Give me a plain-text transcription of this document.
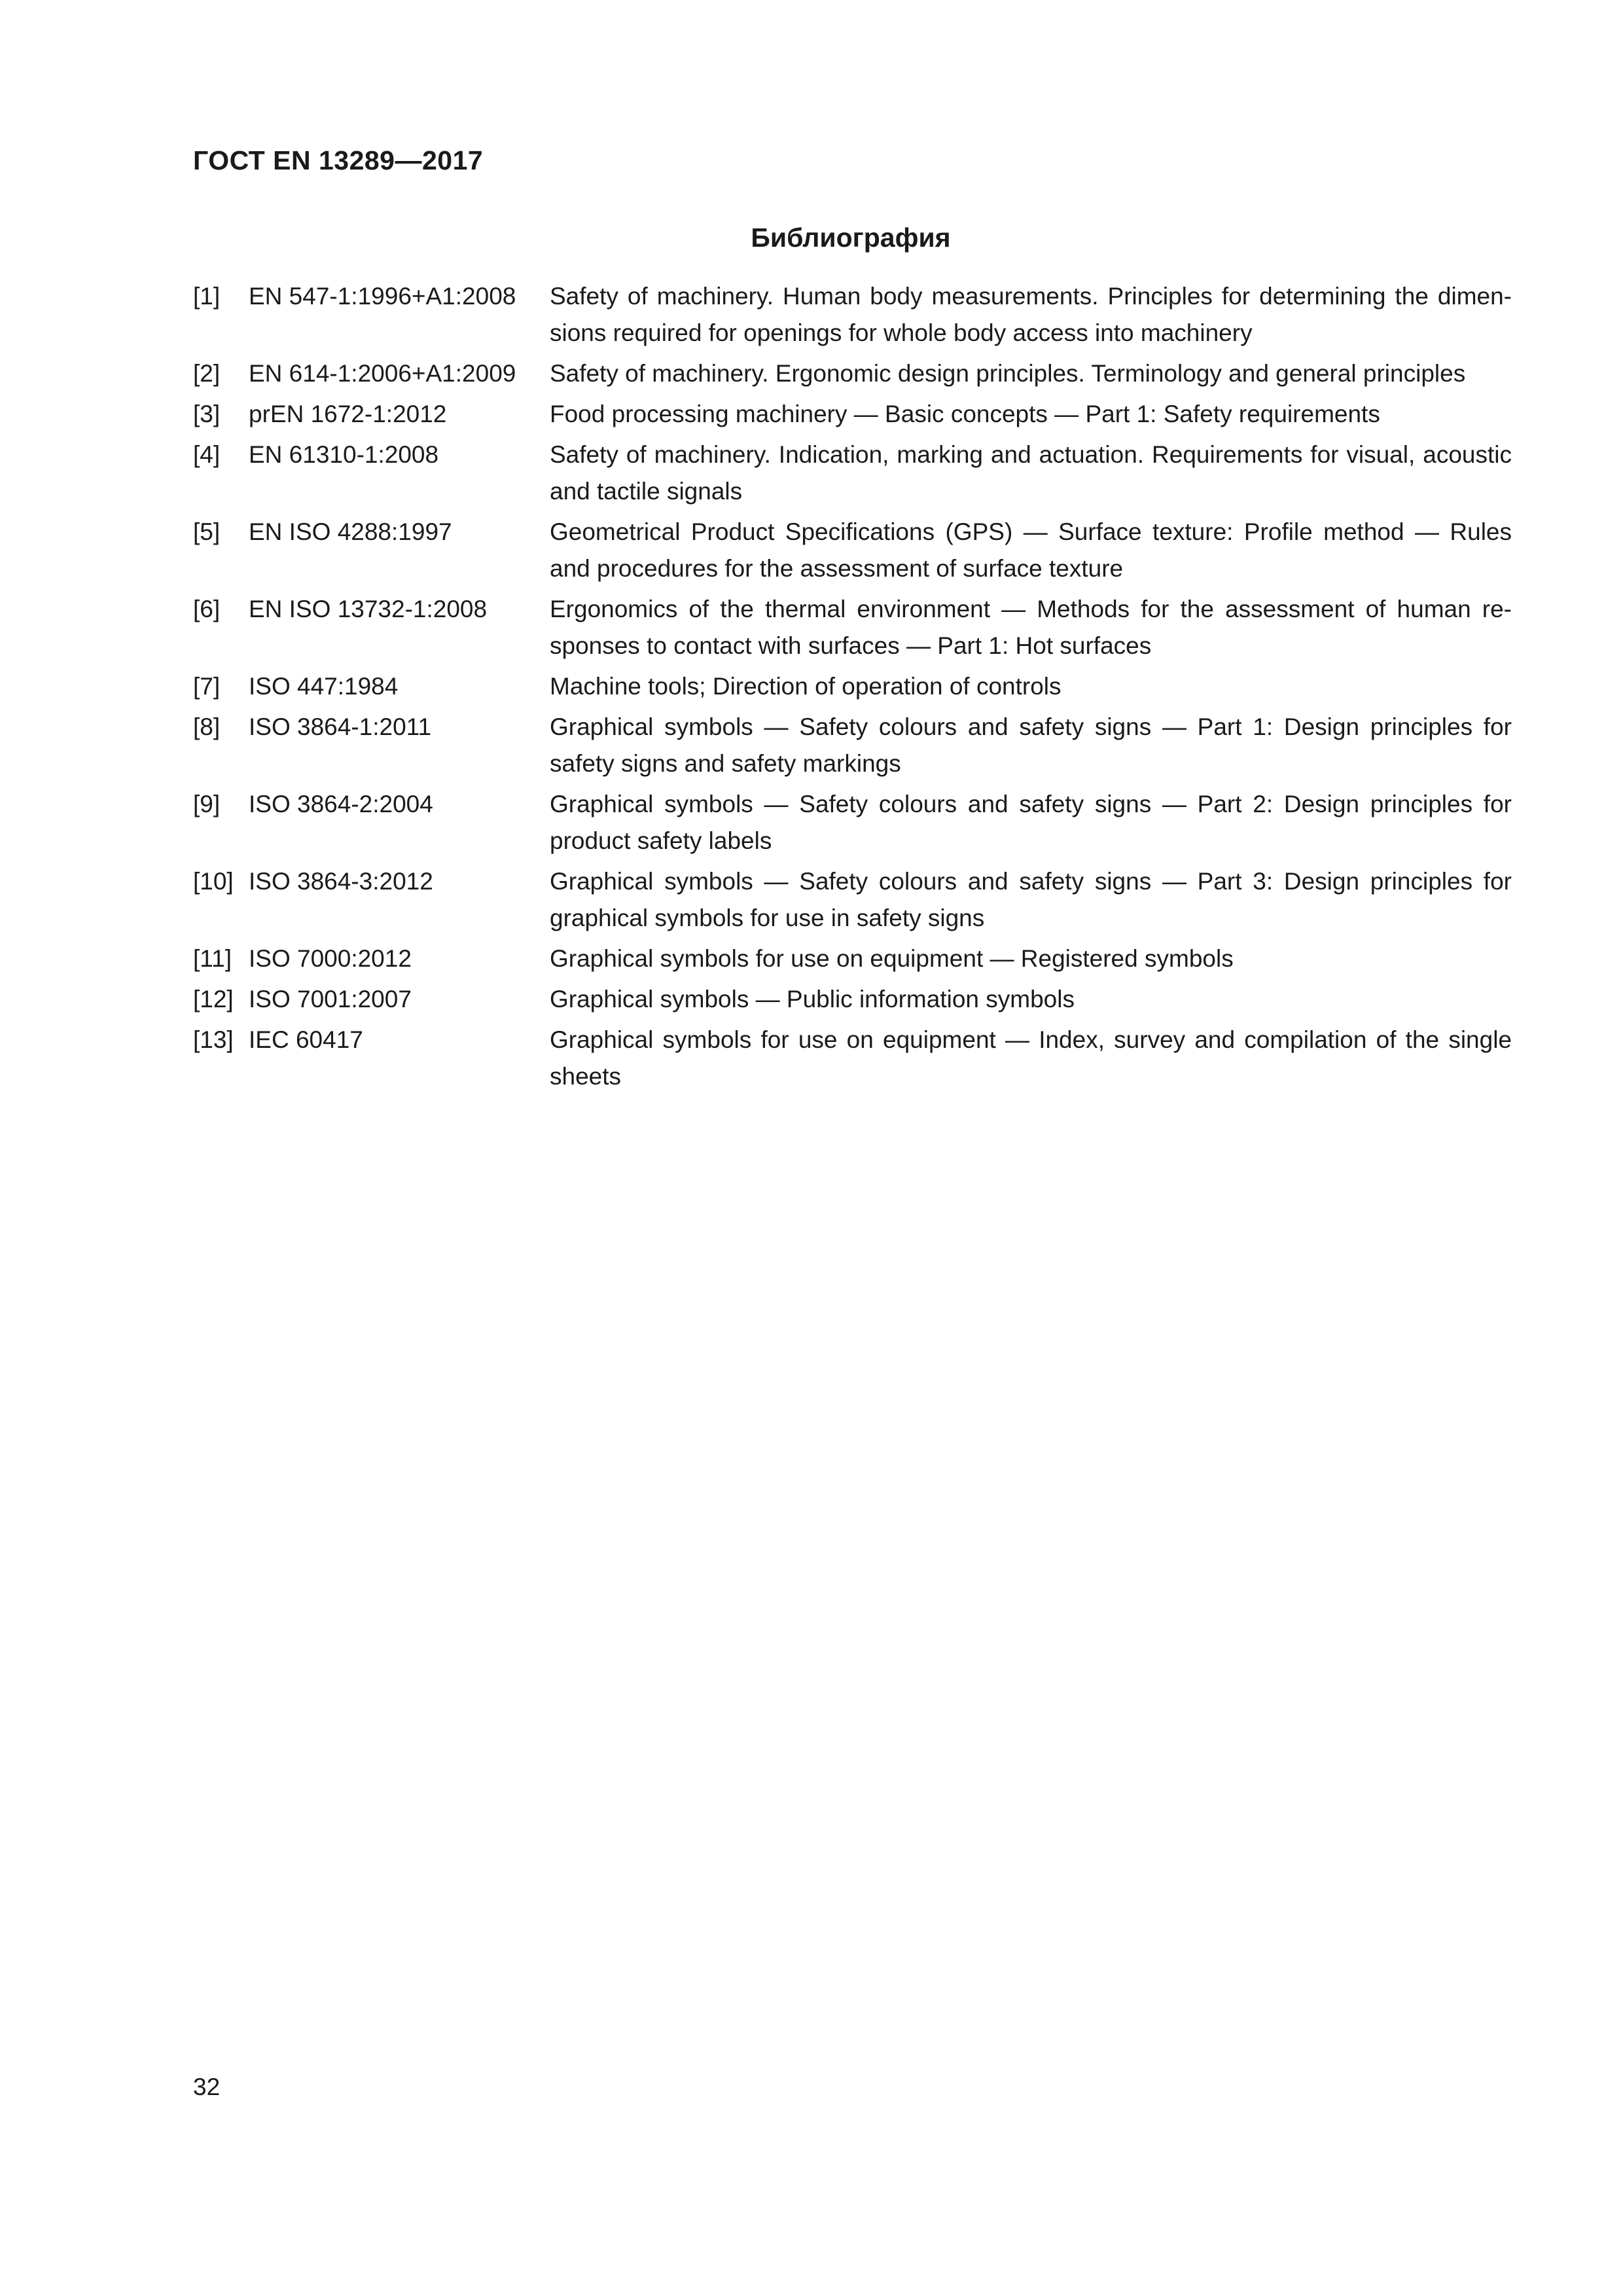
ГОСТ EN 13289—2017
Библиография
[1]	EN 547-1:1996+A1:2008	Safety of machinery. Human body measurements. Principles for determining the dimen-sions required for openings for whole body access into machinery
[2]	EN 614-1:2006+A1:2009	Safety of machinery. Ergonomic design principles. Terminology and general principles
[3]	prEN 1672-1:2012	Food processing machinery — Basic concepts — Part 1: Safety requirements
[4]	EN 61310-1:2008	Safety of machinery. Indication, marking and actuation. Requirements for visual, acoustic and tactile signals
[5]	EN ISO 4288:1997	Geometrical Product Specifications (GPS) — Surface texture: Profile method — Rules and procedures for the assessment of surface texture
[6]	EN ISO 13732-1:2008	Ergonomics of the thermal environment — Methods for the assessment of human re-sponses to contact with surfaces — Part 1: Hot surfaces
[7]	ISO 447:1984	Machine tools; Direction of operation of controls
[8]	ISO 3864-1:2011	Graphical symbols — Safety colours and safety signs — Part 1: Design principles for safety signs and safety markings
[9]	ISO 3864-2:2004	Graphical symbols — Safety colours and safety signs — Part 2: Design principles for product safety labels
[10] ISO 3864-3:2012	Graphical symbols — Safety colours and safety signs — Part 3: Design principles for graphical symbols for use in safety signs
[11] ISO 7000:2012	Graphical symbols for use on equipment — Registered symbols
[12] ISO 7001:2007	Graphical symbols — Public information symbols
[13] IEC 60417	Graphical symbols for use on equipment — Index, survey and compilation of the single sheets
32
